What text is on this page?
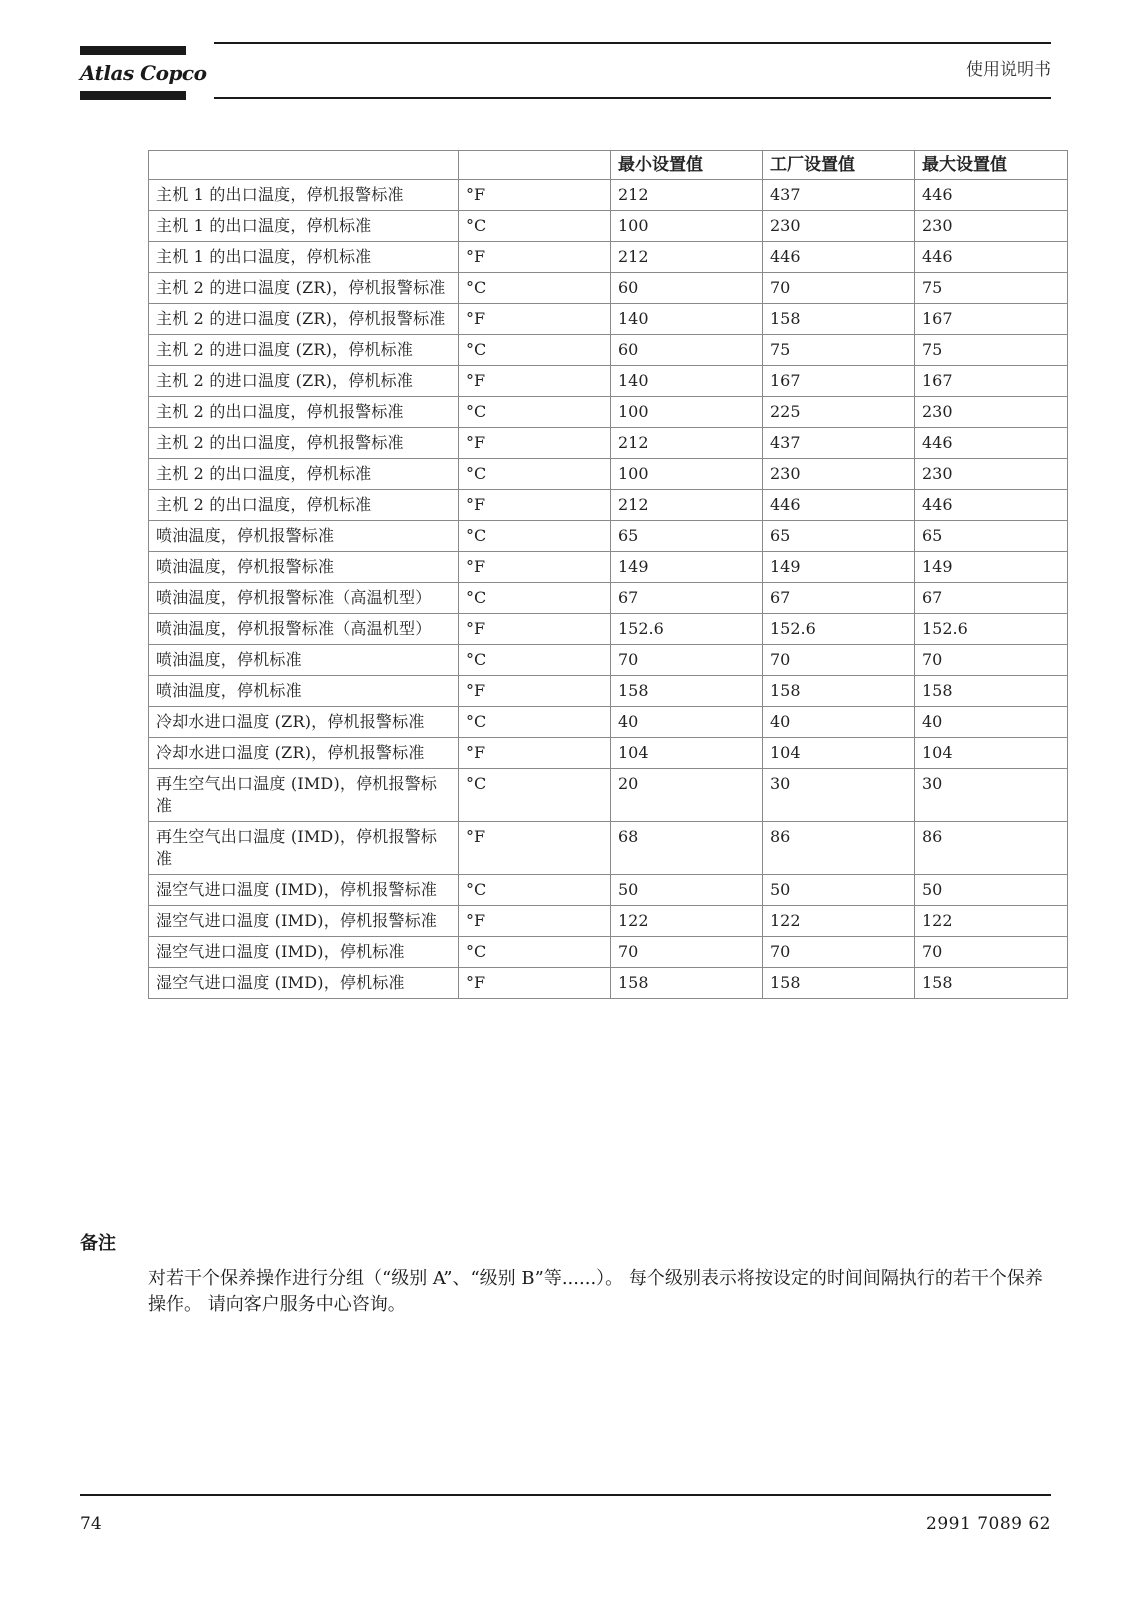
Atlas Copco	使用说明书
		最小设置值	工厂设置值	最大设置值
主机 1 的出口温度，停机报警标准	°F	212	437	446
主机 1 的出口温度，停机标准	°C	100	230	230
主机 1 的出口温度，停机标准	°F	212	446	446
主机 2 的进口温度 (ZR)，停机报警标准	°C	60	70	75
主机 2 的进口温度 (ZR)，停机报警标准	°F	140	158	167
主机 2 的进口温度 (ZR)，停机标准	°C	60	75	75
主机 2 的进口温度 (ZR)，停机标准	°F	140	167	167
主机 2 的出口温度，停机报警标准	°C	100	225	230
主机 2 的出口温度，停机报警标准	°F	212	437	446
主机 2 的出口温度，停机标准	°C	100	230	230
主机 2 的出口温度，停机标准	°F	212	446	446
喷油温度，停机报警标准	°C	65	65	65
喷油温度，停机报警标准	°F	149	149	149
喷油温度，停机报警标准（高温机型）	°C	67	67	67
喷油温度，停机报警标准（高温机型）	°F	152.6	152.6	152.6
喷油温度，停机标准	°C	70	70	70
喷油温度，停机标准	°F	158	158	158
冷却水进口温度 (ZR)，停机报警标准	°C	40	40	40
冷却水进口温度 (ZR)，停机报警标准	°F	104	104	104
再生空气出口温度 (IMD)，停机报警标准	°C	20	30	30
再生空气出口温度 (IMD)，停机报警标准	°F	68	86	86
湿空气进口温度 (IMD)，停机报警标准	°C	50	50	50
湿空气进口温度 (IMD)，停机报警标准	°F	122	122	122
湿空气进口温度 (IMD)，停机标准	°C	70	70	70
湿空气进口温度 (IMD)，停机标准	°F	158	158	158
备注
对若干个保养操作进行分组（“级别 A”、“级别 B”等......）。 每个级别表示将按设定的时间间隔执行的若干个保养操作。 请向客户服务中心咨询。
74	2991 7089 62
